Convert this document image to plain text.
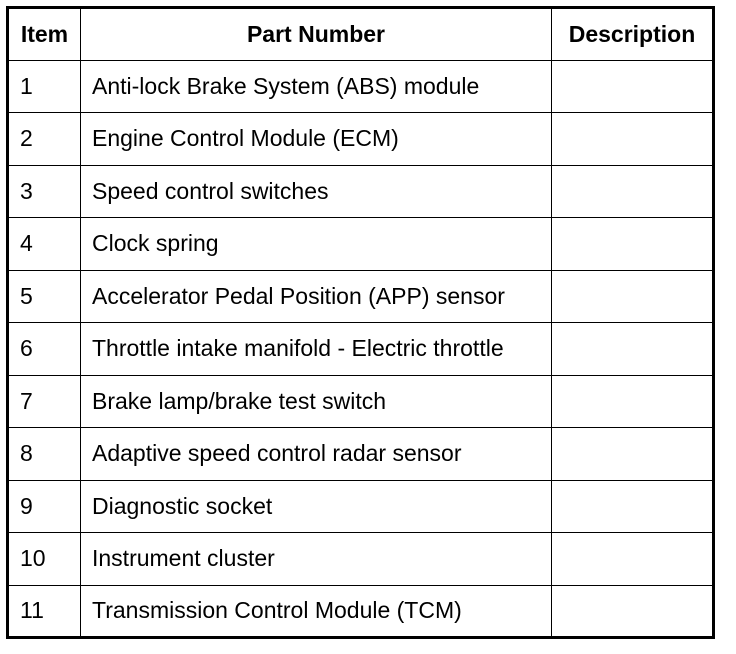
Item	Part Number	Description
1	Anti-lock Brake System (ABS) module	
2	Engine Control Module (ECM)	
3	Speed control switches	
4	Clock spring	
5	Accelerator Pedal Position (APP) sensor	
6	Throttle intake manifold - Electric throttle	
7	Brake lamp/brake test switch	
8	Adaptive speed control radar sensor	
9	Diagnostic socket	
10	Instrument cluster	
11	Transmission Control Module (TCM)	
